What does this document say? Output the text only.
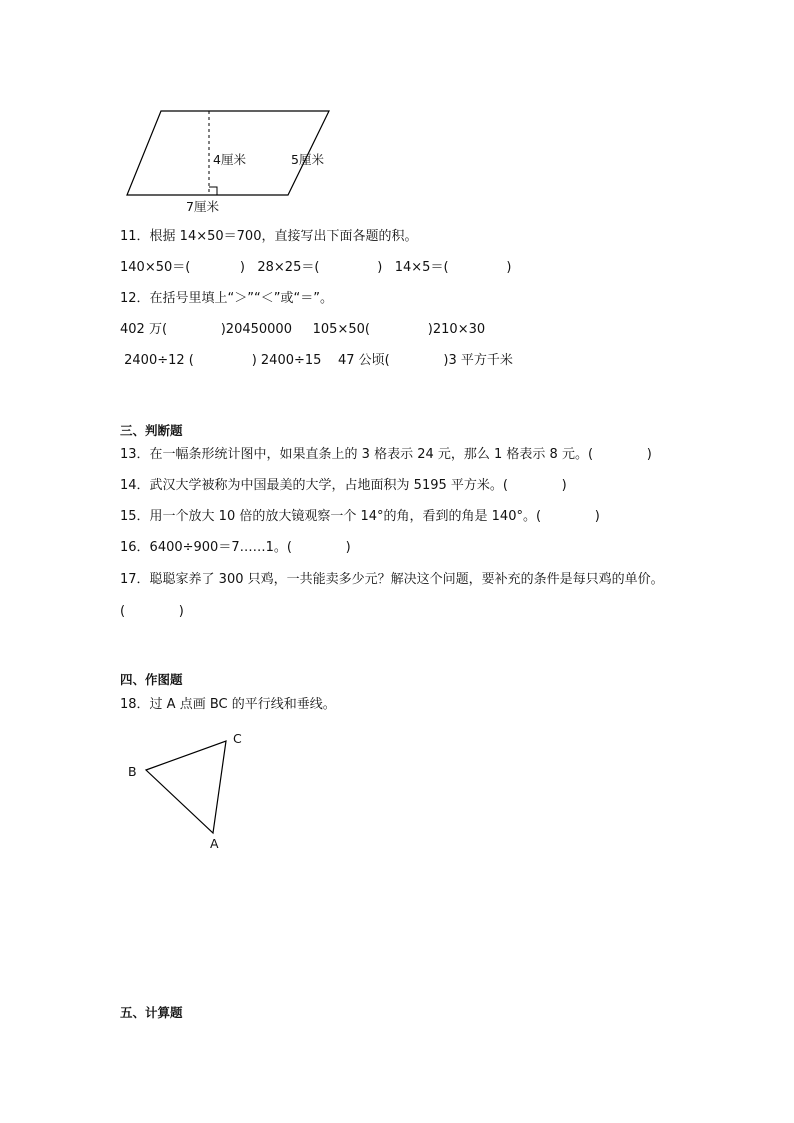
4厘米	5厘米
7厘米
11．根据 14×50＝700，直接写出下面各题的积。
140×50＝(            )   28×25＝(              )   14×5＝(              )
12．在括号里填上“＞”“＜”或“＝”。
402 万(             )20450000     105×50(              )210×30
2400÷12 (              ) 2400÷15    47 公顷(             )3 平方千米
三、判断题
13．在一幅条形统计图中，如果直条上的 3 格表示 24 元，那么 1 格表示 8 元。(             )
14．武汉大学被称为中国最美的大学，占地面积为 5195 平方米。(             )
15．用一个放大 10 倍的放大镜观察一个 14°的角，看到的角是 140°。(             )
16．6400÷900＝7……1。(             )
17．聪聪家养了 300 只鸡，一共能卖多少元？解决这个问题，要补充的条件是每只鸡的单价。
(             )
四、作图题
18．过 A 点画 BC 的平行线和垂线。
C
B
A
五、计算题
